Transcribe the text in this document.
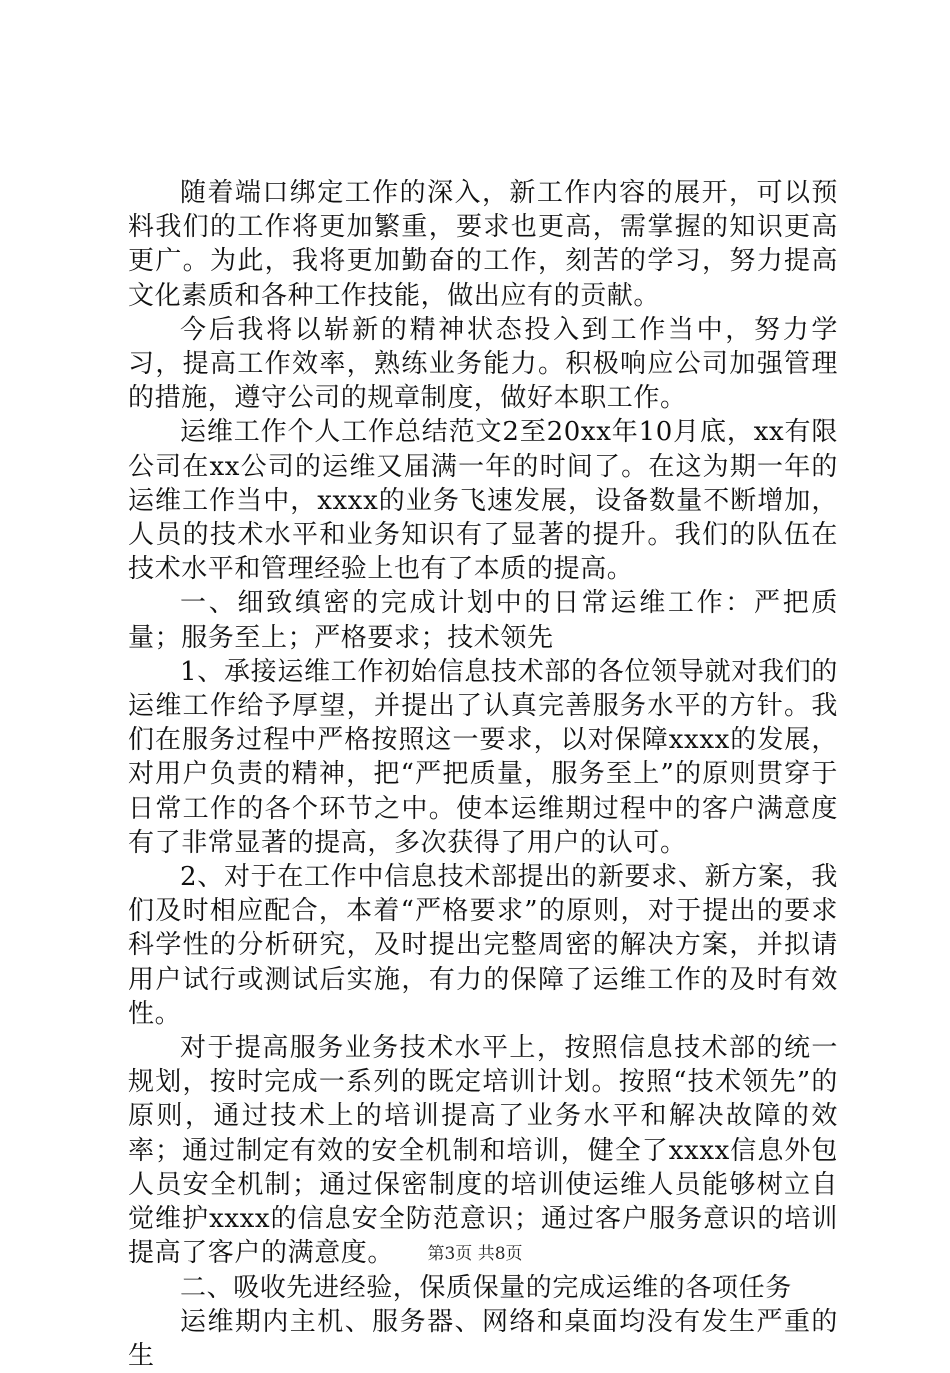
随着端口绑定工作的深入，新工作内容的展开，可以预料我们的工作将更加繁重，要求也更高，需掌握的知识更高更广。为此，我将更加勤奋的工作，刻苦的学习，努力提高文化素质和各种工作技能，做出应有的贡献。

今后我将以崭新的精神状态投入到工作当中，努力学习，提高工作效率，熟练业务能力。积极响应公司加强管理的措施，遵守公司的规章制度，做好本职工作。

运维工作个人工作总结范文2至20xx年10月底，xx有限公司在xx公司的运维又届满一年的时间了。在这为期一年的运维工作当中，xxxx的业务飞速发展，设备数量不断增加，人员的技术水平和业务知识有了显著的提升。我们的队伍在技术水平和管理经验上也有了本质的提高。

一、细致缜密的完成计划中的日常运维工作：严把质量；服务至上；严格要求；技术领先

1、承接运维工作初始信息技术部的各位领导就对我们的运维工作给予厚望，并提出了认真完善服务水平的方针。我们在服务过程中严格按照这一要求，以对保障xxxx的发展，对用户负责的精神，把“严把质量，服务至上”的原则贯穿于日常工作的各个环节之中。使本运维期过程中的客户满意度有了非常显著的提高，多次获得了用户的认可。

2、对于在工作中信息技术部提出的新要求、新方案，我们及时相应配合，本着“严格要求”的原则，对于提出的要求科学性的分析研究，及时提出完整周密的解决方案，并拟请用户试行或测试后实施，有力的保障了运维工作的及时有效性。

对于提高服务业务技术水平上，按照信息技术部的统一规划，按时完成一系列的既定培训计划。按照“技术领先”的原则，通过技术上的培训提高了业务水平和解决故障的效率；通过制定有效的安全机制和培训，健全了xxxx信息外包人员安全机制；通过保密制度的培训使运维人员能够树立自觉维护xxxx的信息安全防范意识；通过客户服务意识的培训提高了客户的满意度。

二、吸收先进经验，保质保量的完成运维的各项任务

运维期内主机、服务器、网络和桌面均没有发生严重的生

第3页 共8页
